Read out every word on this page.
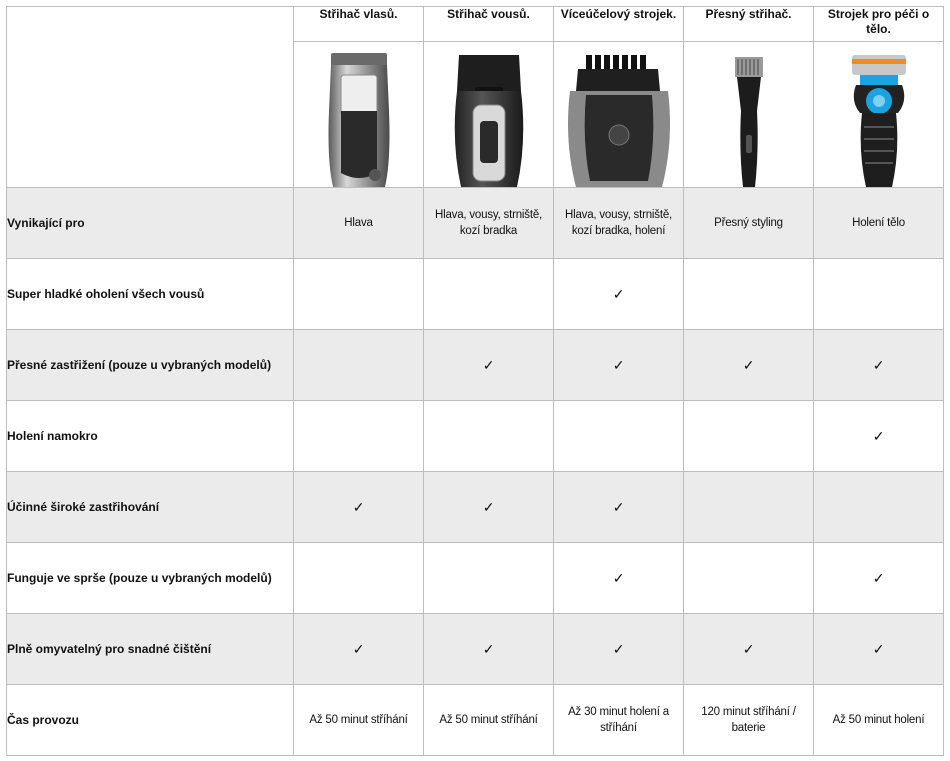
	Střihač vlasů.	Střihač vousů.	Víceúčelový strojek.	Přesný střihač.	Strojek pro péči o tělo.

Vynikající pro	Hlava	Hlava, vousy, strniště, kozí bradka	Hlava, vousy, strniště, kozí bradka, holení	Přesný styling	Holení tělo
Super hladké oholení všech vousů			✓		
Přesné zastřižení (pouze u vybraných modelů)		✓	✓	✓	✓
Holení namokro					✓
Účinné široké zastřihování	✓	✓	✓		
Funguje ve sprše (pouze u vybraných modelů)			✓		✓
Plně omyvatelný pro snadné čištění	✓	✓	✓	✓	✓
Čas provozu	Až 50 minut stříhání	Až 50 minut stříhání	Až 30 minut holení a stříhání	120 minut stříhání / baterie	Až 50 minut holení
